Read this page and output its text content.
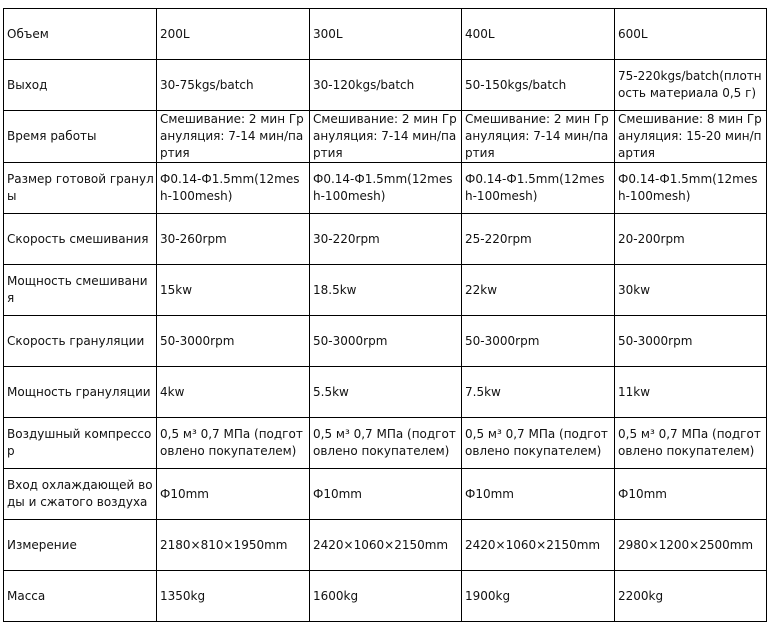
Объем	200L	300L	400L	600L
Выход	30-75kgs/batch	30-120kgs/batch	50-150kgs/batch	75-220kgs/batch(плотность материала 0,5 г)
Время работы	Смешивание: 2 мин Грануляция: 7-14 мин/партия	Смешивание: 2 мин Грануляция: 7-14 мин/партия	Смешивание: 2 мин Грануляция: 7-14 мин/партия	Смешивание: 8 мин Грануляция: 15-20 мин/партия
Размер готовой гранулы	Ф0.14-Ф1.5mm(12mesh-100mesh)	Ф0.14-Ф1.5mm(12mesh-100mesh)	Ф0.14-Ф1.5mm(12mesh-100mesh)	Ф0.14-Ф1.5mm(12mesh-100mesh)
Скорость смешивания	30-260rpm	30-220rpm	25-220rpm	20-200rpm
Мощность смешивания	15kw	18.5kw	22kw	30kw
Скорость грануляции	50-3000rpm	50-3000rpm	50-3000rpm	50-3000rpm
Мощность грануляции	4kw	5.5kw	7.5kw	11kw
Воздушный компрессор	0,5 м³ 0,7 МПа (подготовлено покупателем)	0,5 м³ 0,7 МПа (подготовлено покупателем)	0,5 м³ 0,7 МПа (подготовлено покупателем)	0,5 м³ 0,7 МПа (подготовлено покупателем)
Вход охлаждающей воды и сжатого воздуха	Ф10mm	Ф10mm	Ф10mm	Ф10mm
Измерение	2180×810×1950mm	2420×1060×2150mm	2420×1060×2150mm	2980×1200×2500mm
Масса	1350kg	1600kg	1900kg	2200kg
